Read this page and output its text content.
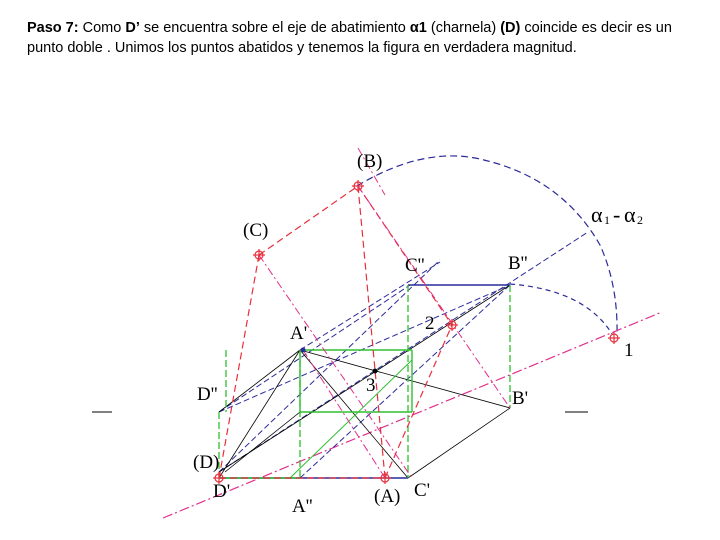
Paso 7: Como D’ se encuentra sobre el eje de abatimiento α1 (charnela) (D) coincide es decir es un punto doble . Unimos los puntos abatidos y tenemos la figura en verdadera magnitud.
(B)
(C)
C''	B''
A'	2
1
3
D''	B'
(D)
D'
A''	(A) C'
α 1 - α 2
